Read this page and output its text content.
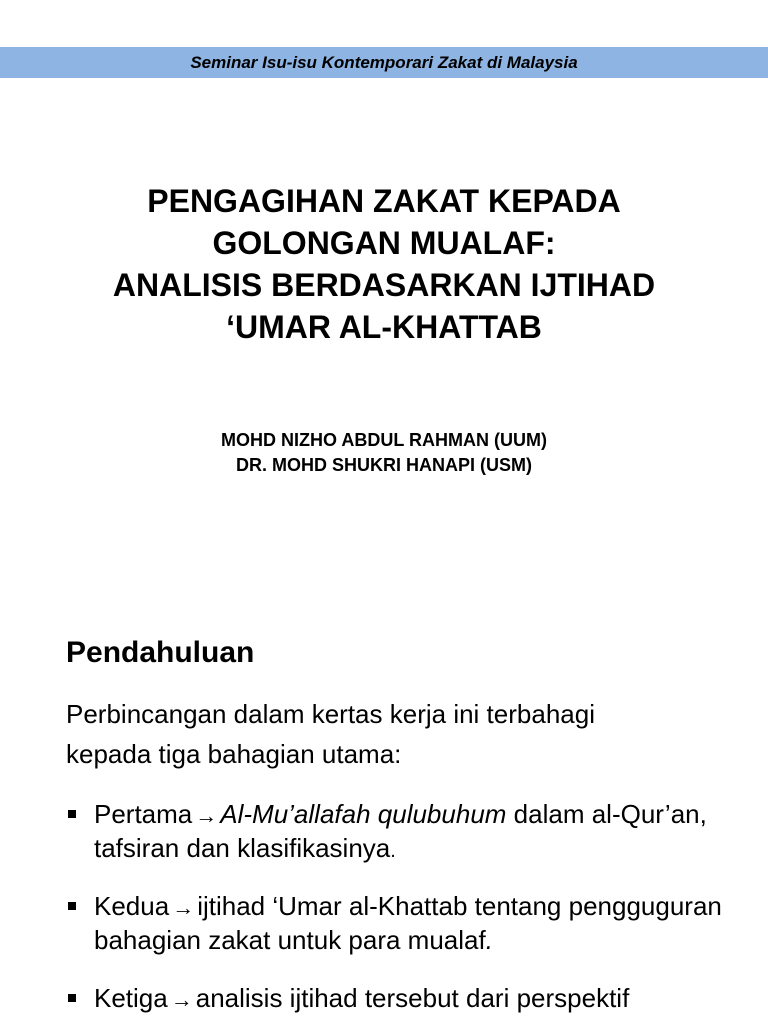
Seminar Isu-isu Kontemporari Zakat di Malaysia
PENGAGIHAN ZAKAT KEPADA
GOLONGAN MUALAF:
ANALISIS BERDASARKAN IJTIHAD
‘UMAR AL-KHATTAB
MOHD NIZHO ABDUL RAHMAN (UUM)
DR. MOHD SHUKRI HANAPI (USM)
Pendahuluan
Perbincangan dalam kertas kerja ini terbahagi
kepada tiga bahagian utama:
Pertama → Al-Mu’allafah qulubuhum dalam al-Qur’an, tafsiran dan klasifikasinya.
Kedua → ijtihad ‘Umar al-Khattab tentang pengguguran bahagian zakat untuk para mualaf.
Ketiga → analisis ijtihad tersebut dari perspektif
